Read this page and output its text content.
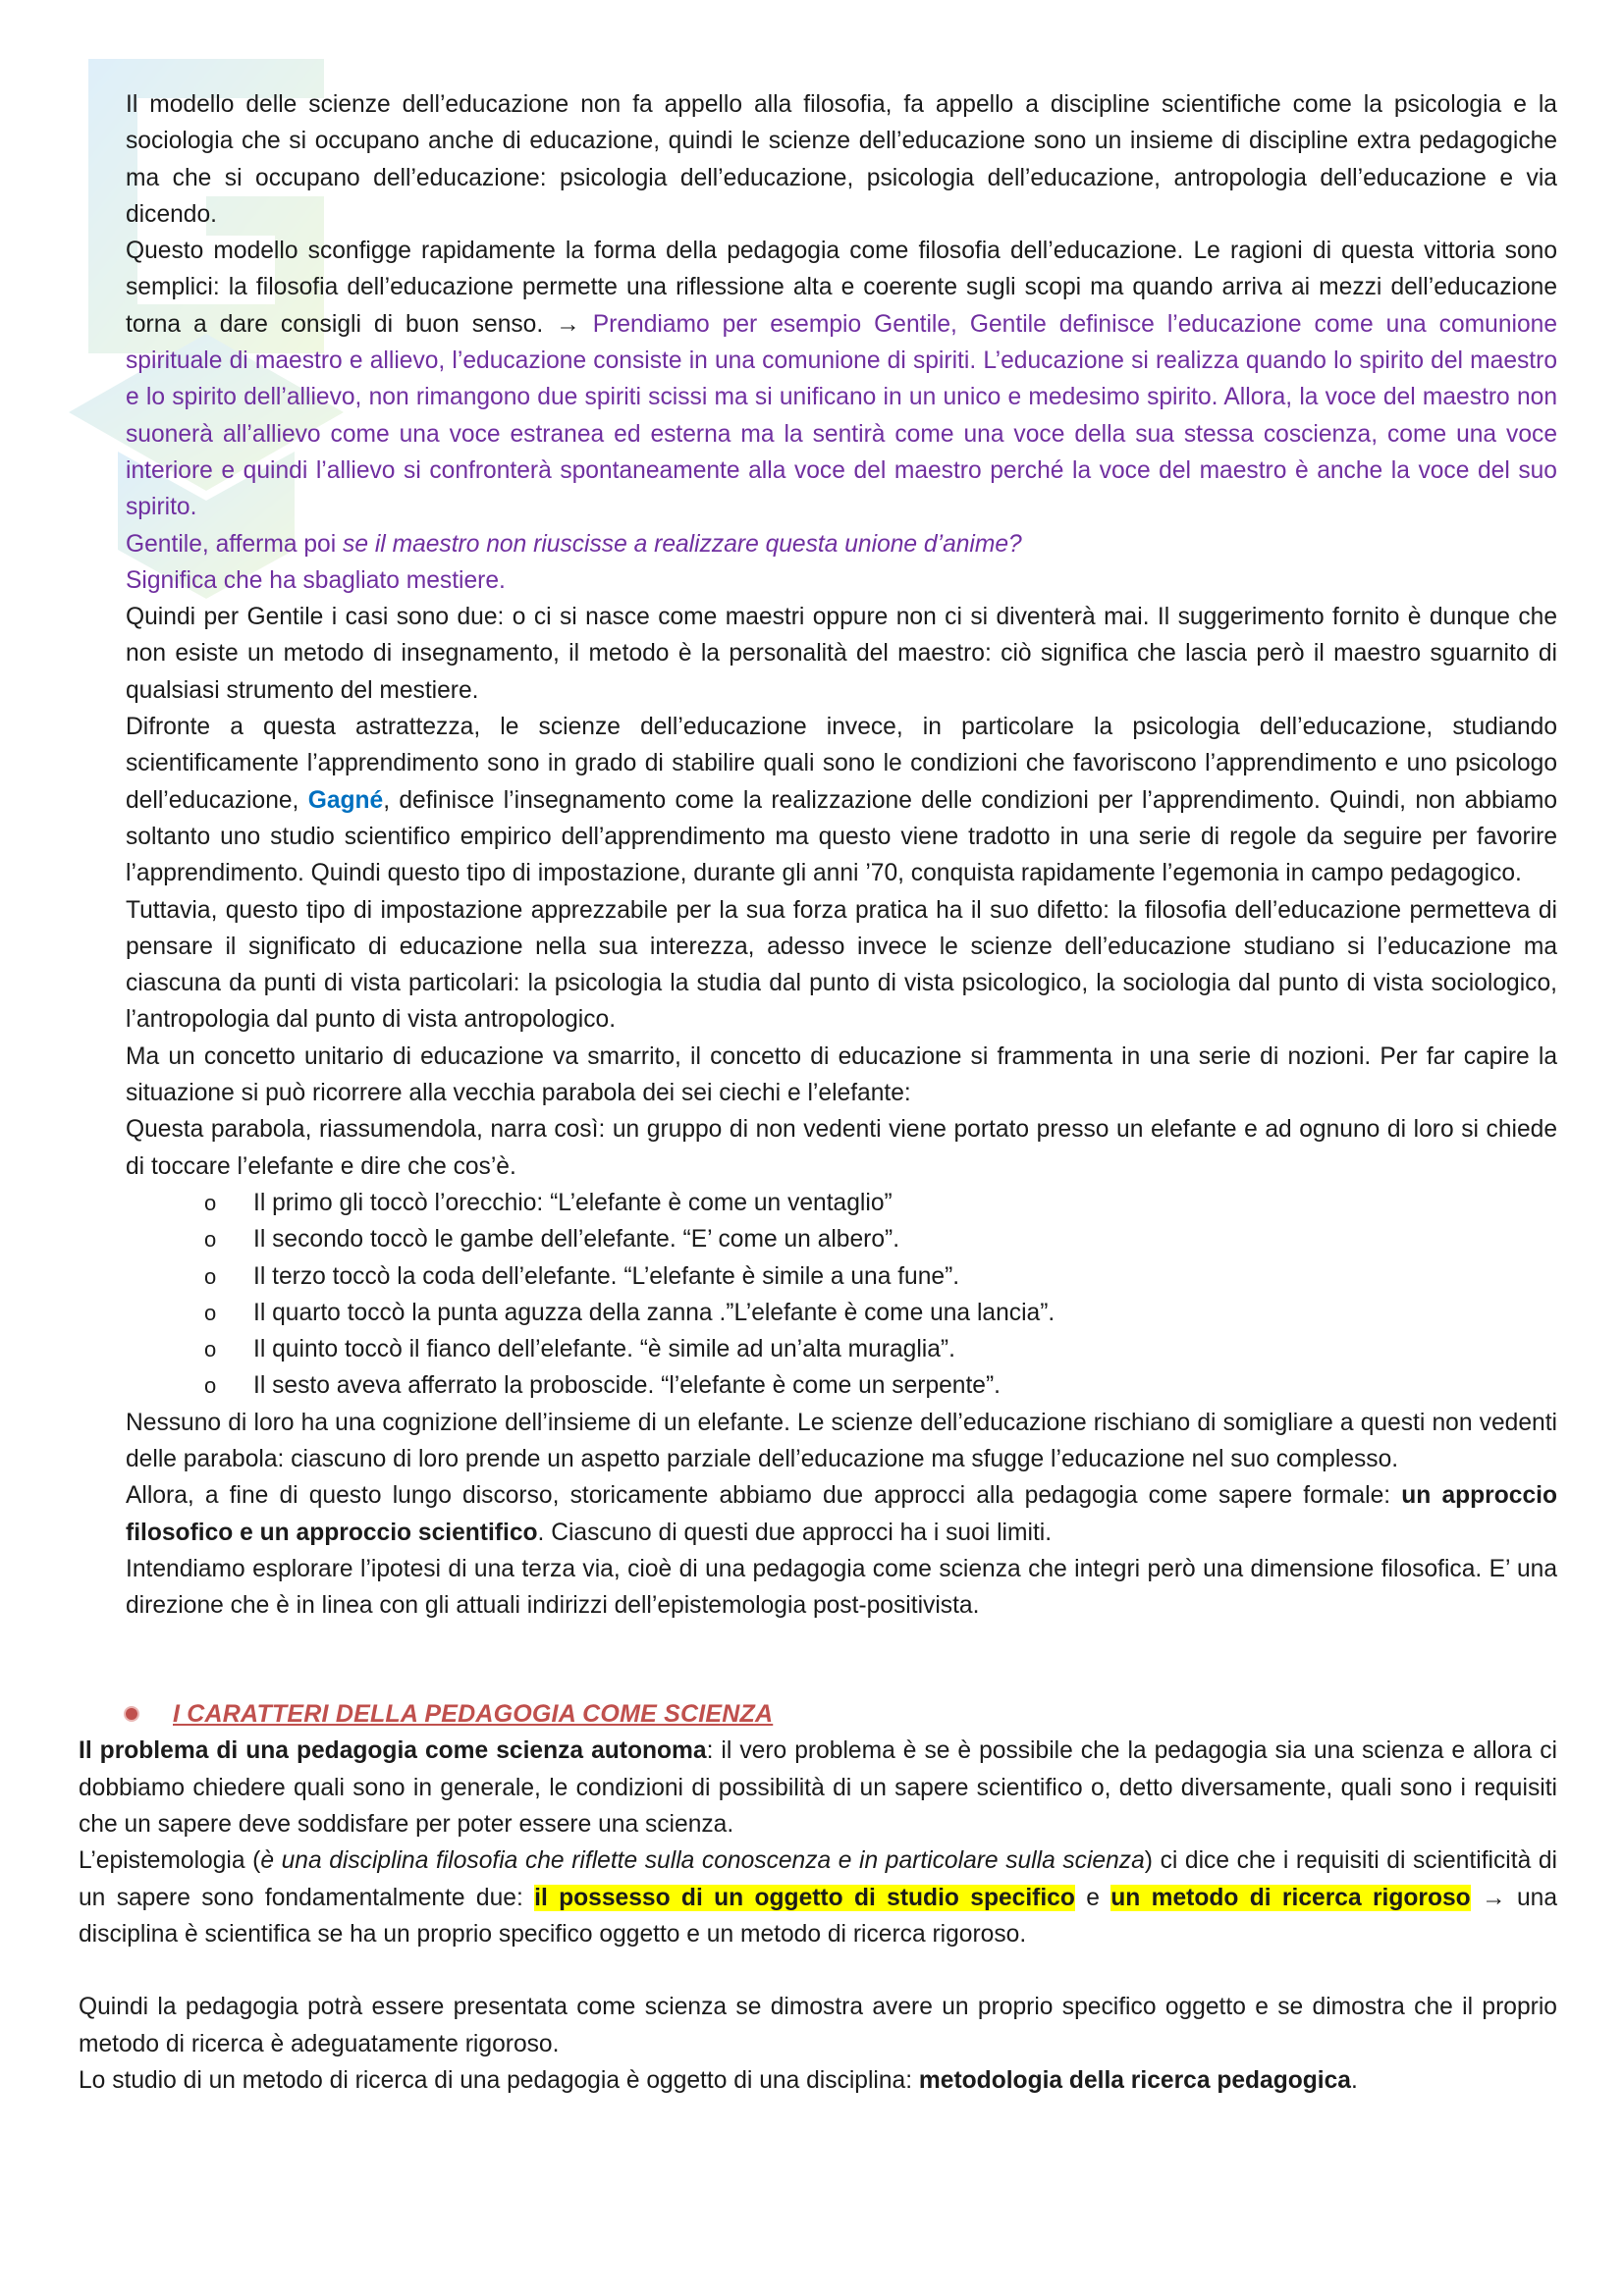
Il modello delle scienze dell’educazione non fa appello alla filosofia, fa appello a discipline scientifiche come la psicologia e la sociologia che si occupano anche di educazione, quindi le scienze dell’educazione sono un insieme di discipline extra pedagogiche ma che si occupano dell’educazione: psicologia dell’educazione, psicologia dell’educazione, antropologia dell’educazione e via dicendo.
Questo modello sconfigge rapidamente la forma della pedagogia come filosofia dell’educazione. Le ragioni di questa vittoria sono semplici: la filosofia dell’educazione permette una riflessione alta e coerente sugli scopi ma quando arriva ai mezzi dell’educazione torna a dare consigli di buon senso. → Prendiamo per esempio Gentile, Gentile definisce l’educazione come una comunione spirituale di maestro e allievo, l’educazione consiste in una comunione di spiriti. L’educazione si realizza quando lo spirito del maestro e lo spirito dell’allievo, non rimangono due spiriti scissi ma si unificano in un unico e medesimo spirito. Allora, la voce del maestro non suonerà all’allievo come una voce estranea ed esterna ma la sentirà come una voce della sua stessa coscienza, come una voce interiore e quindi l’allievo si confronterà spontaneamente alla voce del maestro perché la voce del maestro è anche la voce del suo spirito.
Gentile, afferma poi se il maestro non riuscisse a realizzare questa unione d’anime?
Significa che ha sbagliato mestiere.
Quindi per Gentile i casi sono due: o ci si nasce come maestri oppure non ci si diventerà mai. Il suggerimento fornito è dunque che non esiste un metodo di insegnamento, il metodo è la personalità del maestro: ciò significa che lascia però il maestro sguarnito di qualsiasi strumento del mestiere.
Difronte a questa astrattezza, le scienze dell’educazione invece, in particolare la psicologia dell’educazione, studiando scientificamente l’apprendimento sono in grado di stabilire quali sono le condizioni che favoriscono l’apprendimento e uno psicologo dell’educazione, Gagné, definisce l’insegnamento come la realizzazione delle condizioni per l’apprendimento. Quindi, non abbiamo soltanto uno studio scientifico empirico dell’apprendimento ma questo viene tradotto in una serie di regole da seguire per favorire l’apprendimento. Quindi questo tipo di impostazione, durante gli anni ’70, conquista rapidamente l’egemonia in campo pedagogico.
Tuttavia, questo tipo di impostazione apprezzabile per la sua forza pratica ha il suo difetto: la filosofia dell’educazione permetteva di pensare il significato di educazione nella sua interezza, adesso invece le scienze dell’educazione studiano si l’educazione ma ciascuna da punti di vista particolari: la psicologia la studia dal punto di vista psicologico, la sociologia dal punto di vista sociologico, l’antropologia dal punto di vista antropologico.
Ma un concetto unitario di educazione va smarrito, il concetto di educazione si frammenta in una serie di nozioni. Per far capire la situazione si può ricorrere alla vecchia parabola dei sei ciechi e l’elefante:
Questa parabola, riassumendola, narra così: un gruppo di non vedenti viene portato presso un elefante e ad ognuno di loro si chiede di toccare l’elefante e dire che cos’è.
o Il primo gli toccò l’orecchio: “L’elefante è come un ventaglio”
o Il secondo toccò le gambe dell’elefante. “E’ come un albero”.
o Il terzo toccò la coda dell’elefante. “L’elefante è simile a una fune”.
o Il quarto toccò la punta aguzza della zanna .”L’elefante è come una lancia”.
o Il quinto toccò il fianco dell’elefante. “è simile ad un’alta muraglia”.
o Il sesto aveva afferrato la proboscide. “l’elefante è come un serpente”.
Nessuno di loro ha una cognizione dell’insieme di un elefante. Le scienze dell’educazione rischiano di somigliare a questi non vedenti delle parabola: ciascuno di loro prende un aspetto parziale dell’educazione ma sfugge l’educazione nel suo complesso.
Allora, a fine di questo lungo discorso, storicamente abbiamo due approcci alla pedagogia come sapere formale: un approccio filosofico e un approccio scientifico. Ciascuno di questi due approcci ha i suoi limiti.
Intendiamo esplorare l’ipotesi di una terza via, cioè di una pedagogia come scienza che integri però una dimensione filosofica. E’ una direzione che è in linea con gli attuali indirizzi dell’epistemologia post-positivista.
I CARATTERI DELLA PEDAGOGIA COME SCIENZA
Il problema di una pedagogia come scienza autonoma: il vero problema è se è possibile che la pedagogia sia una scienza e allora ci dobbiamo chiedere quali sono in generale, le condizioni di possibilità di un sapere scientifico o, detto diversamente, quali sono i requisiti che un sapere deve soddisfare per poter essere una scienza.
L’epistemologia (è una disciplina filosofia che riflette sulla conoscenza e in particolare sulla scienza) ci dice che i requisiti di scientificità di un sapere sono fondamentalmente due: il possesso di un oggetto di studio specifico e un metodo di ricerca rigoroso → una disciplina è scientifica se ha un proprio specifico oggetto e un metodo di ricerca rigoroso.
Quindi la pedagogia potrà essere presentata come scienza se dimostra avere un proprio specifico oggetto e se dimostra che il proprio metodo di ricerca è adeguatamente rigoroso.
Lo studio di un metodo di ricerca di una pedagogia è oggetto di una disciplina: metodologia della ricerca pedagogica.
